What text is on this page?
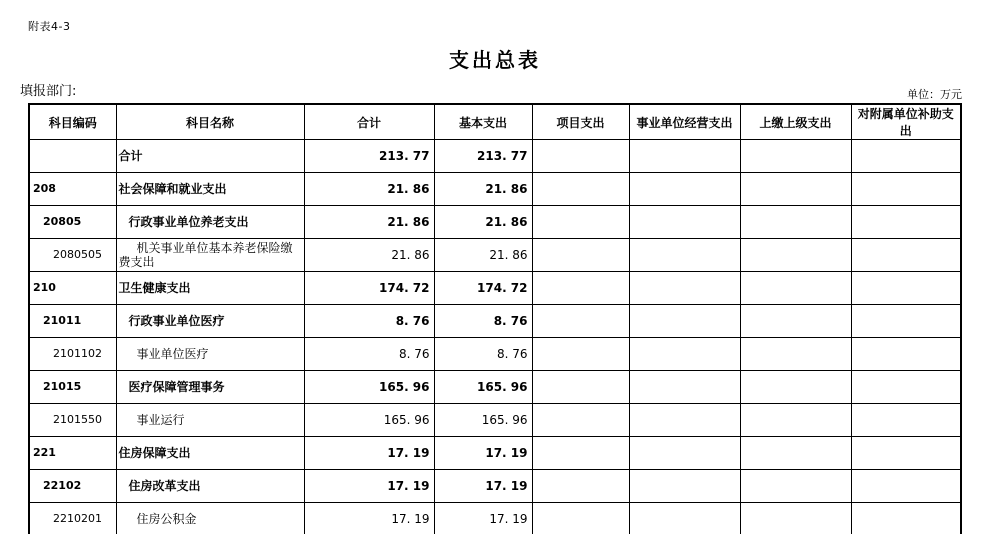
附表4-3
支出总表
填报部门:	单位：万元
科目编码	科目名称	合计	基本支出	项目支出	事业单位经营支出	上缴上级支出	对附属单位补助支出
	合计	213. 77	213. 77				
208	社会保障和就业支出	21. 86	21. 86				
20805	行政事业单位养老支出	21. 86	21. 86				
2080505	机关事业单位基本养老保险缴费支出	21. 86	21. 86				
210	卫生健康支出	174. 72	174. 72				
21011	行政事业单位医疗	8. 76	8. 76				
2101102	事业单位医疗	8. 76	8. 76				
21015	医疗保障管理事务	165. 96	165. 96				
2101550	事业运行	165. 96	165. 96				
221	住房保障支出	17. 19	17. 19				
22102	住房改革支出	17. 19	17. 19				
2210201	住房公积金	17. 19	17. 19				
